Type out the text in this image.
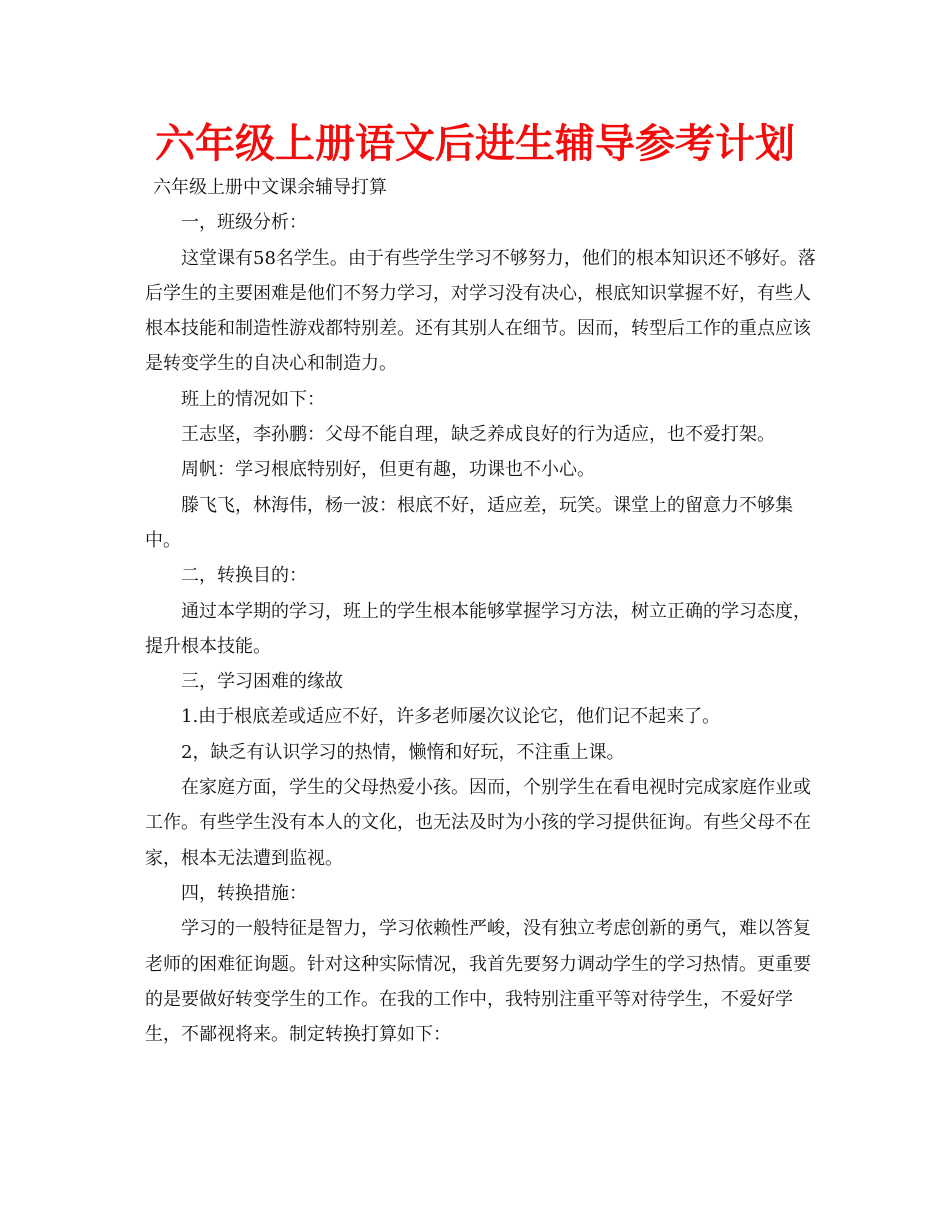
六年级上册语文后进生辅导参考计划

六年级上册中文课余辅导打算

一，班级分析：

这堂课有58名学生。由于有些学生学习不够努力，他们的根本知识还不够好。落后学生的主要困难是他们不努力学习，对学习没有决心，根底知识掌握不好，有些人根本技能和制造性游戏都特别差。还有其别人在细节。因而，转型后工作的重点应该是转变学生的自决心和制造力。

班上的情况如下：

王志坚，李孙鹏：父母不能自理，缺乏养成良好的行为适应，也不爱打架。

周帆：学习根底特别好，但更有趣，功课也不小心。

滕飞飞，林海伟，杨一波：根底不好，适应差，玩笑。课堂上的留意力不够集中。

二，转换目的：

通过本学期的学习，班上的学生根本能够掌握学习方法，树立正确的学习态度，提升根本技能。

三，学习困难的缘故

1.由于根底差或适应不好，许多老师屡次议论它，他们记不起来了。

2，缺乏有认识学习的热情，懒惰和好玩，不注重上课。

在家庭方面，学生的父母热爱小孩。因而，个别学生在看电视时完成家庭作业或工作。有些学生没有本人的文化，也无法及时为小孩的学习提供征询。有些父母不在家，根本无法遭到监视。

四，转换措施：

学习的一般特征是智力，学习依赖性严峻，没有独立考虑创新的勇气，难以答复老师的困难征询题。针对这种实际情况，我首先要努力调动学生的学习热情。更重要的是要做好转变学生的工作。在我的工作中，我特别注重平等对待学生，不爱好学生，不鄙视将来。制定转换打算如下：
